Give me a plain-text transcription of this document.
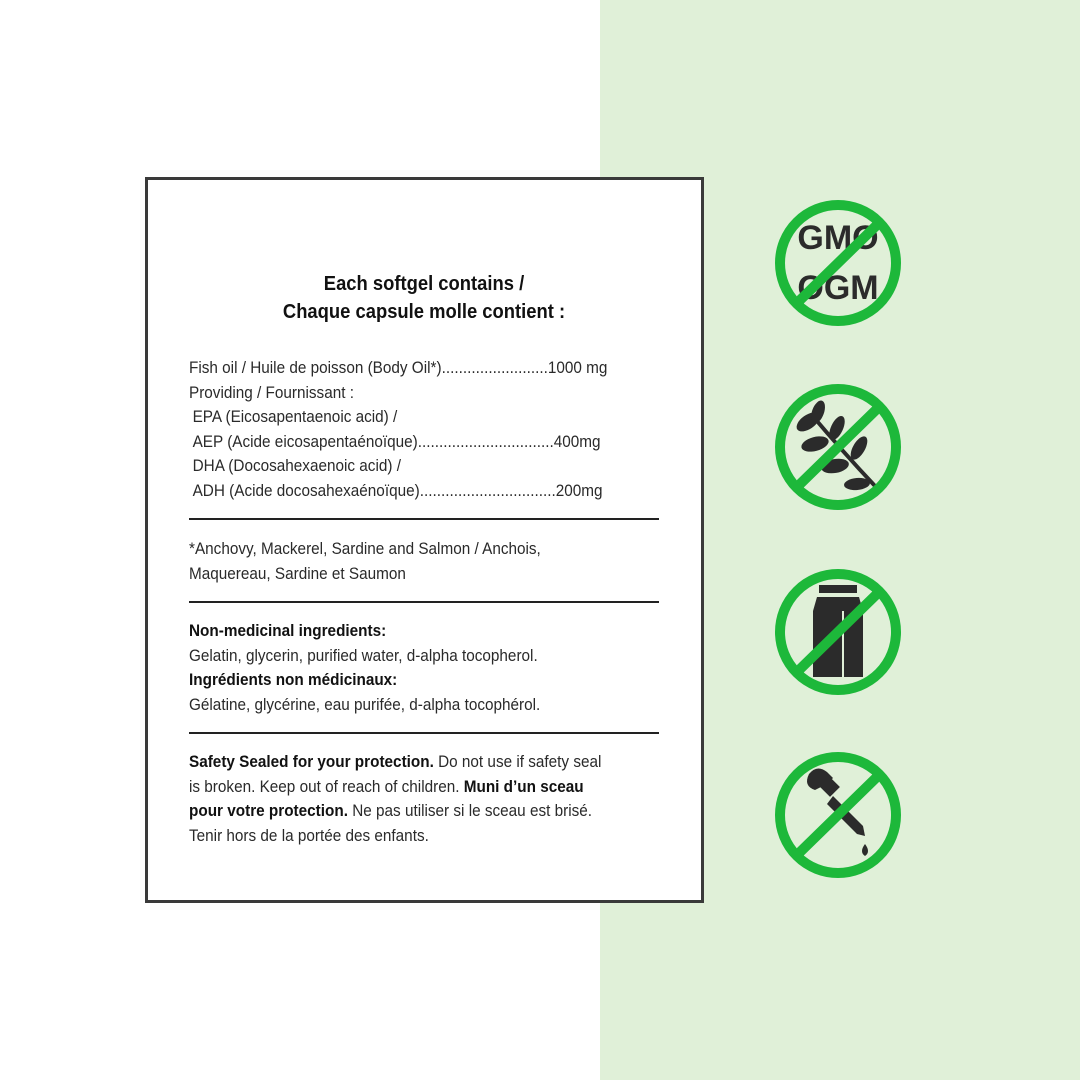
Each softgel contains /
Chaque capsule molle contient :
Fish oil / Huile de poisson (Body Oil*) ......................... 1000 mg
Providing / Fournissant :
EPA (Eicosapentaenoic acid) /
AEP (Acide eicosapentaénoïque) ................................ 400mg
DHA (Docosahexaenoic acid) /
ADH (Acide docosahexaénoïque) ................................ 200mg
*Anchovy, Mackerel, Sardine and Salmon / Anchois,
Maquereau, Sardine et Saumon
Non-medicinal ingredients:
Gelatin, glycerin, purified water, d-alpha tocopherol.
Ingrédients non médicinaux:
Gélatine, glycérine, eau purifée, d-alpha tocophérol.
Safety Sealed for your protection. Do not use if safety seal
is broken. Keep out of reach of children. Muni d’un sceau
pour votre protection. Ne pas utiliser si le sceau est brisé.
Tenir hors de la portée des enfants.
GMO
OGM
